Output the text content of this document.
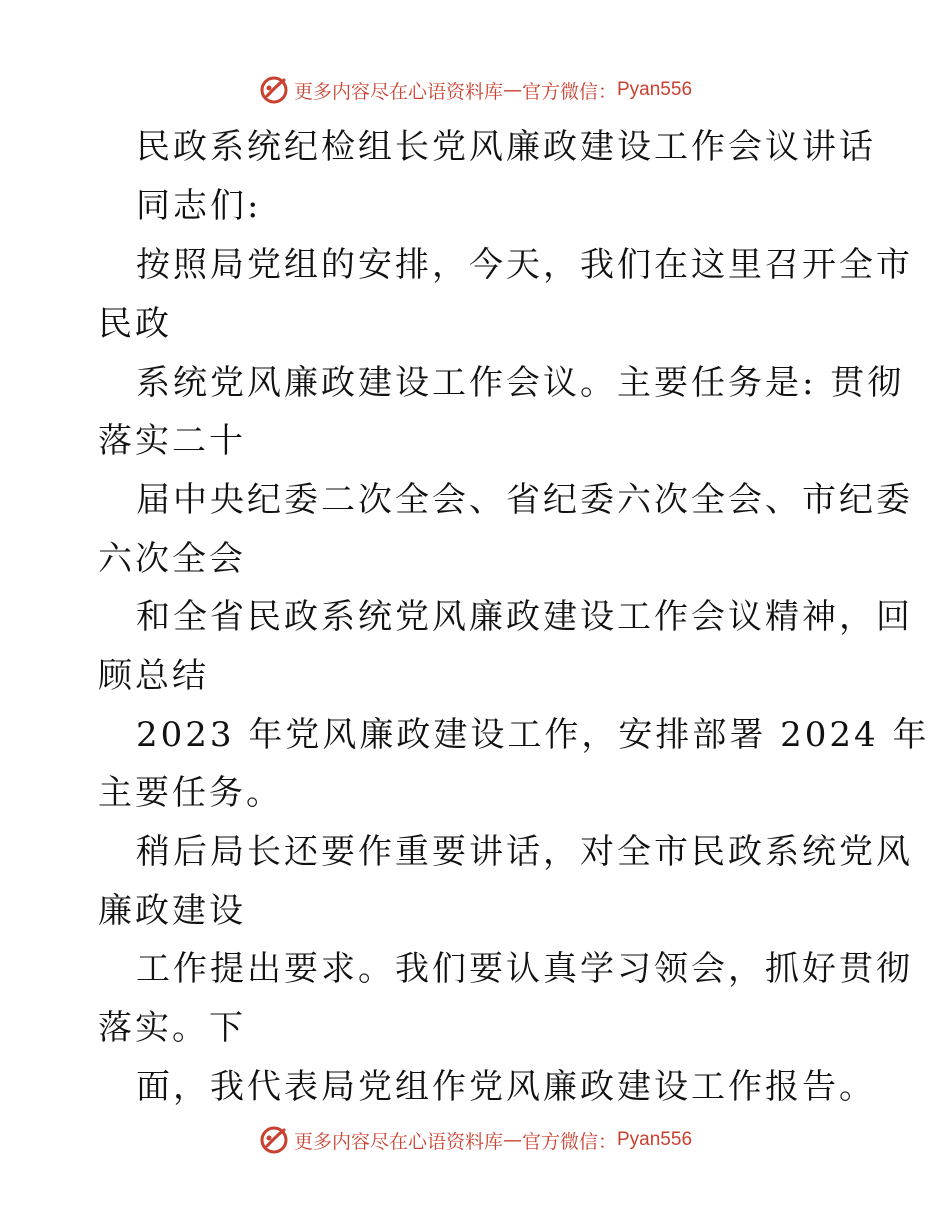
更多内容尽在心语资料库 — 官方微信： Pyan556
民政系统纪检组长党风廉政建设工作会议讲话
同志们:
按照局党组的安排，今天，我们在这里召开全市
民政
系统党风廉政建设工作会议。主要任务是: 贯彻
落实二十
届中央纪委二次全会、省纪委六次全会、市纪委
六次全会
和全省民政系统党风廉政建设工作会议精神，回
顾总结
2023 年党风廉政建设工作，安排部署 2024 年
主要任务。
稍后局长还要作重要讲话，对全市民政系统党风
廉政建设
工作提出要求。我们要认真学习领会，抓好贯彻
落实。下
面，我代表局党组作党风廉政建设工作报告。
更多内容尽在心语资料库 — 官方微信： Pyan556
